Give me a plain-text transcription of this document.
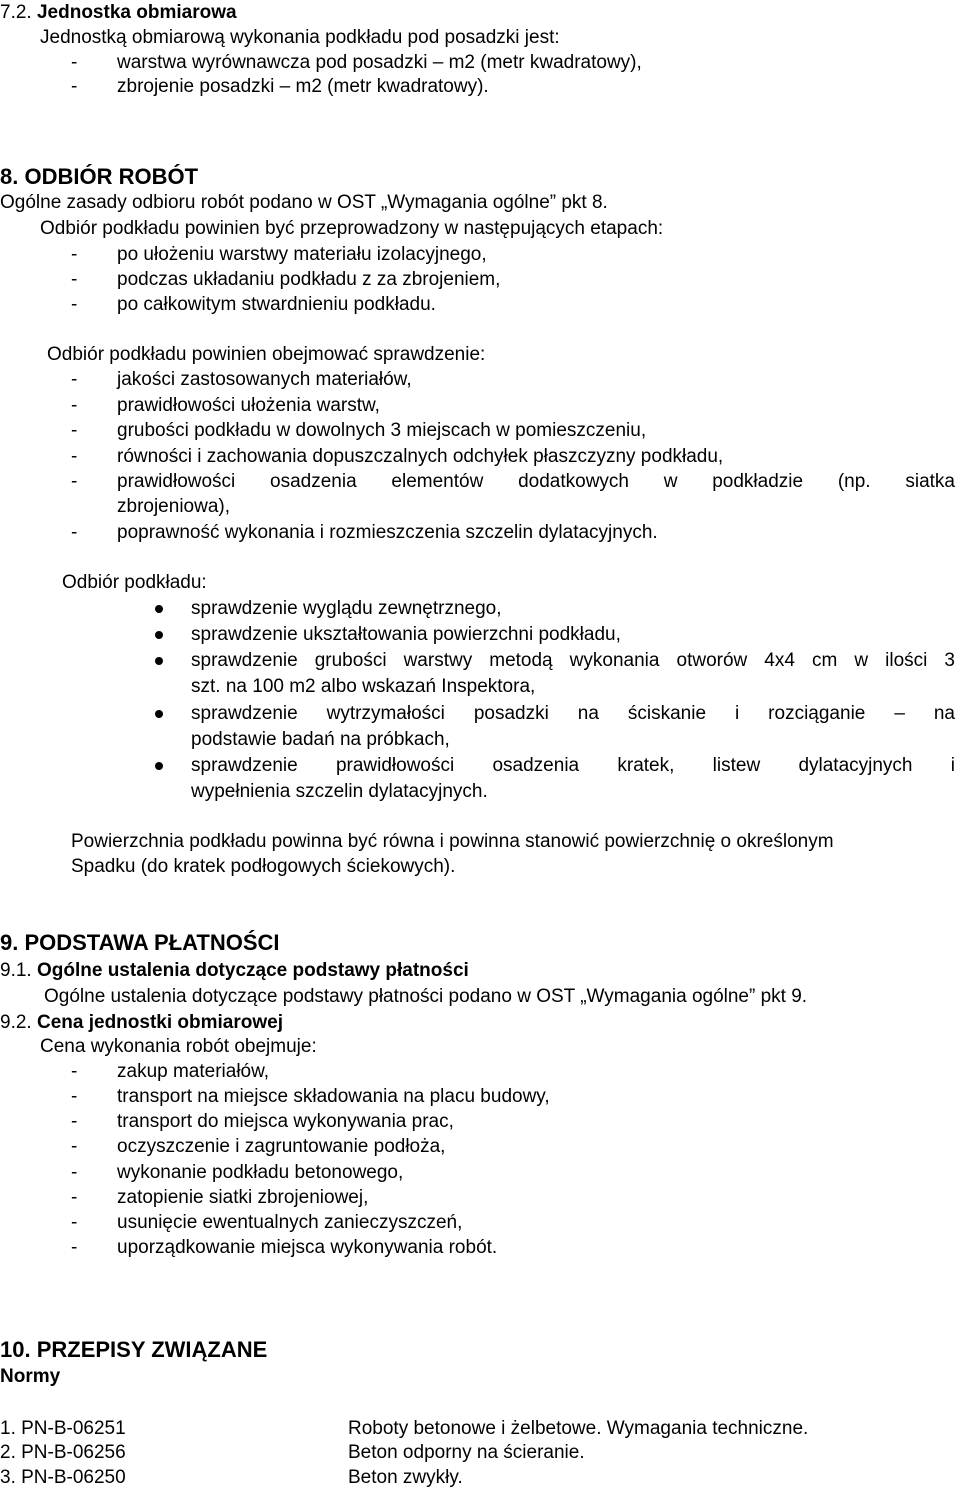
7.2. Jednostka obmiarowa
Jednostką obmiarową wykonania podkładu pod posadzki jest:
- warstwa wyrównawcza pod posadzki – m2 (metr kwadratowy),
- zbrojenie posadzki – m2 (metr kwadratowy).
8. ODBIÓR ROBÓT
Ogólne zasady odbioru robót podano w OST „Wymagania ogólne” pkt 8.
Odbiór podkładu powinien być przeprowadzony w następujących etapach:
- po ułożeniu warstwy materiału izolacyjnego,
- podczas układaniu podkładu z za zbrojeniem,
- po całkowitym stwardnieniu podkładu.
Odbiór podkładu powinien obejmować sprawdzenie:
- jakości zastosowanych materiałów,
- prawidłowości ułożenia warstw,
- grubości podkładu w dowolnych 3 miejscach w pomieszczeniu,
- równości i zachowania dopuszczalnych odchyłek płaszczyzny podkładu,
-	prawidłowości osadzenia elementów dodatkowych w podkładzie (np. siatka
zbrojeniowa),
- poprawność wykonania i rozmieszczenia szczelin dylatacyjnych.
Odbiór podkładu:
sprawdzenie wyglądu zewnętrznego,
sprawdzenie ukształtowania powierzchni podkładu,
sprawdzenie grubości warstwy metodą wykonania otworów 4x4 cm w ilości 3
szt. na 100 m2 albo wskazań Inspektora,
sprawdzenie wytrzymałości posadzki na ściskanie i rozciąganie – na
podstawie badań na próbkach,
sprawdzenie prawidłowości osadzenia kratek, listew dylatacyjnych i
wypełnienia szczelin dylatacyjnych.
Powierzchnia podkładu powinna być równa i powinna stanowić powierzchnię o określonym
Spadku (do kratek podłogowych ściekowych).
9. PODSTAWA PŁATNOŚCI
9.1. Ogólne ustalenia dotyczące podstawy płatności
Ogólne ustalenia dotyczące podstawy płatności podano w OST „Wymagania ogólne” pkt 9.
9.2. Cena jednostki obmiarowej
Cena wykonania robót obejmuje:
- zakup materiałów,
- transport na miejsce składowania na placu budowy,
- transport do miejsca wykonywania prac,
- oczyszczenie i zagruntowanie podłoża,
- wykonanie podkładu betonowego,
- zatopienie siatki zbrojeniowej,
- usunięcie ewentualnych zanieczyszczeń,
- uporządkowanie miejsca wykonywania robót.
10. PRZEPISY ZWIĄZANE
Normy
1. PN-B-06251	Roboty betonowe i żelbetowe. Wymagania techniczne.
2. PN-B-06256	Beton odporny na ścieranie.
3. PN-B-06250	Beton zwykły.
